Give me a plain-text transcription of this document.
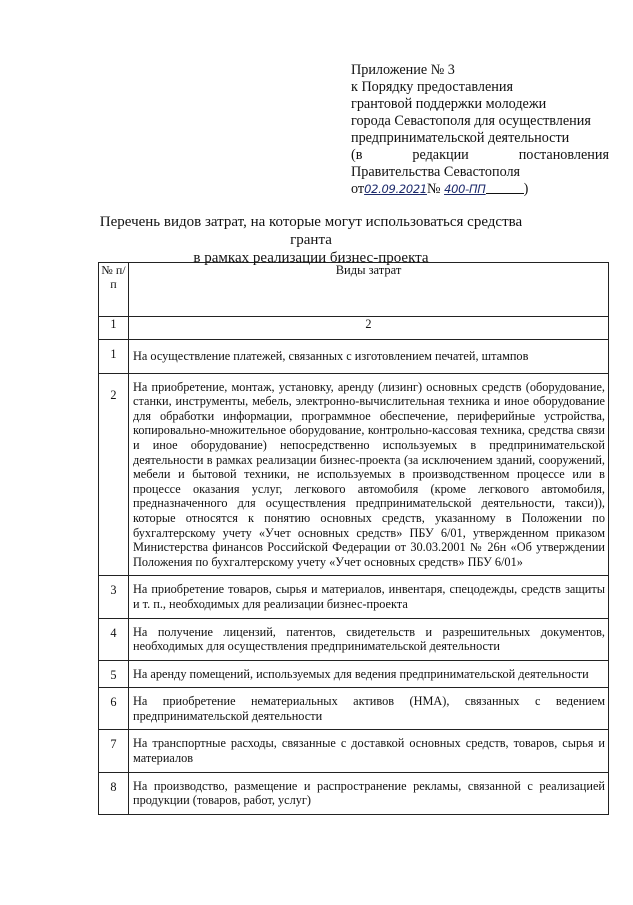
Приложение № 3
к Порядку предоставления
грантовой поддержки молодежи
города Севастополя для осуществления
предпринимательской деятельности
(в	редакции	постановления
Правительства Севастополя
от02.09.2021№ 400-ПП	)
Перечень видов затрат, на которые могут использоваться средства гранта
в рамках реализации бизнес-проекта
№ п/п	Виды затрат
1	2

1	На осуществление платежей, связанных с изготовлением печатей, штампов

2	На приобретение, монтаж, установку, аренду (лизинг) основных средств (оборудование, станки, инструменты, мебель, электронно-вычислительная техника и иное оборудование для обработки информации, программное обеспечение, периферийные устройства, копировально-множительное оборудование, контрольно-кассовая техника, средства связи и иное оборудование) непосредственно используемых в предпринимательской деятельности в рамках реализации бизнес-проекта (за исключением зданий, сооружений, мебели и бытовой техники, не используемых в производственном процессе или в процессе оказания услуг, легкового автомобиля (кроме легкового автомобиля, предназначенного для осуществления предпринимательской деятельности, такси)), которые относятся к понятию основных средств, указанному в Положении по бухгалтерскому учету «Учет основных средств» ПБУ 6/01, утвержденном приказом Министерства финансов Российской Федерации от 30.03.2001 № 26н «Об утверждении Положения по бухгалтерскому учету «Учет основных средств» ПБУ 6/01»

3	На приобретение товаров, сырья и материалов, инвентаря, спецодежды, средств защиты и т. п., необходимых для реализации бизнес-проекта

4	На получение лицензий, патентов, свидетельств и разрешительных документов, необходимых для осуществления предпринимательской деятельности

5	На аренду помещений, используемых для ведения предпринимательской деятельности

6	На приобретение нематериальных активов (НМА), связанных с ведением предпринимательской деятельности

7	На транспортные расходы, связанные с доставкой основных средств, товаров, сырья и материалов

8	На производство, размещение и распространение рекламы, связанной с реализацией продукции (товаров, работ, услуг)
